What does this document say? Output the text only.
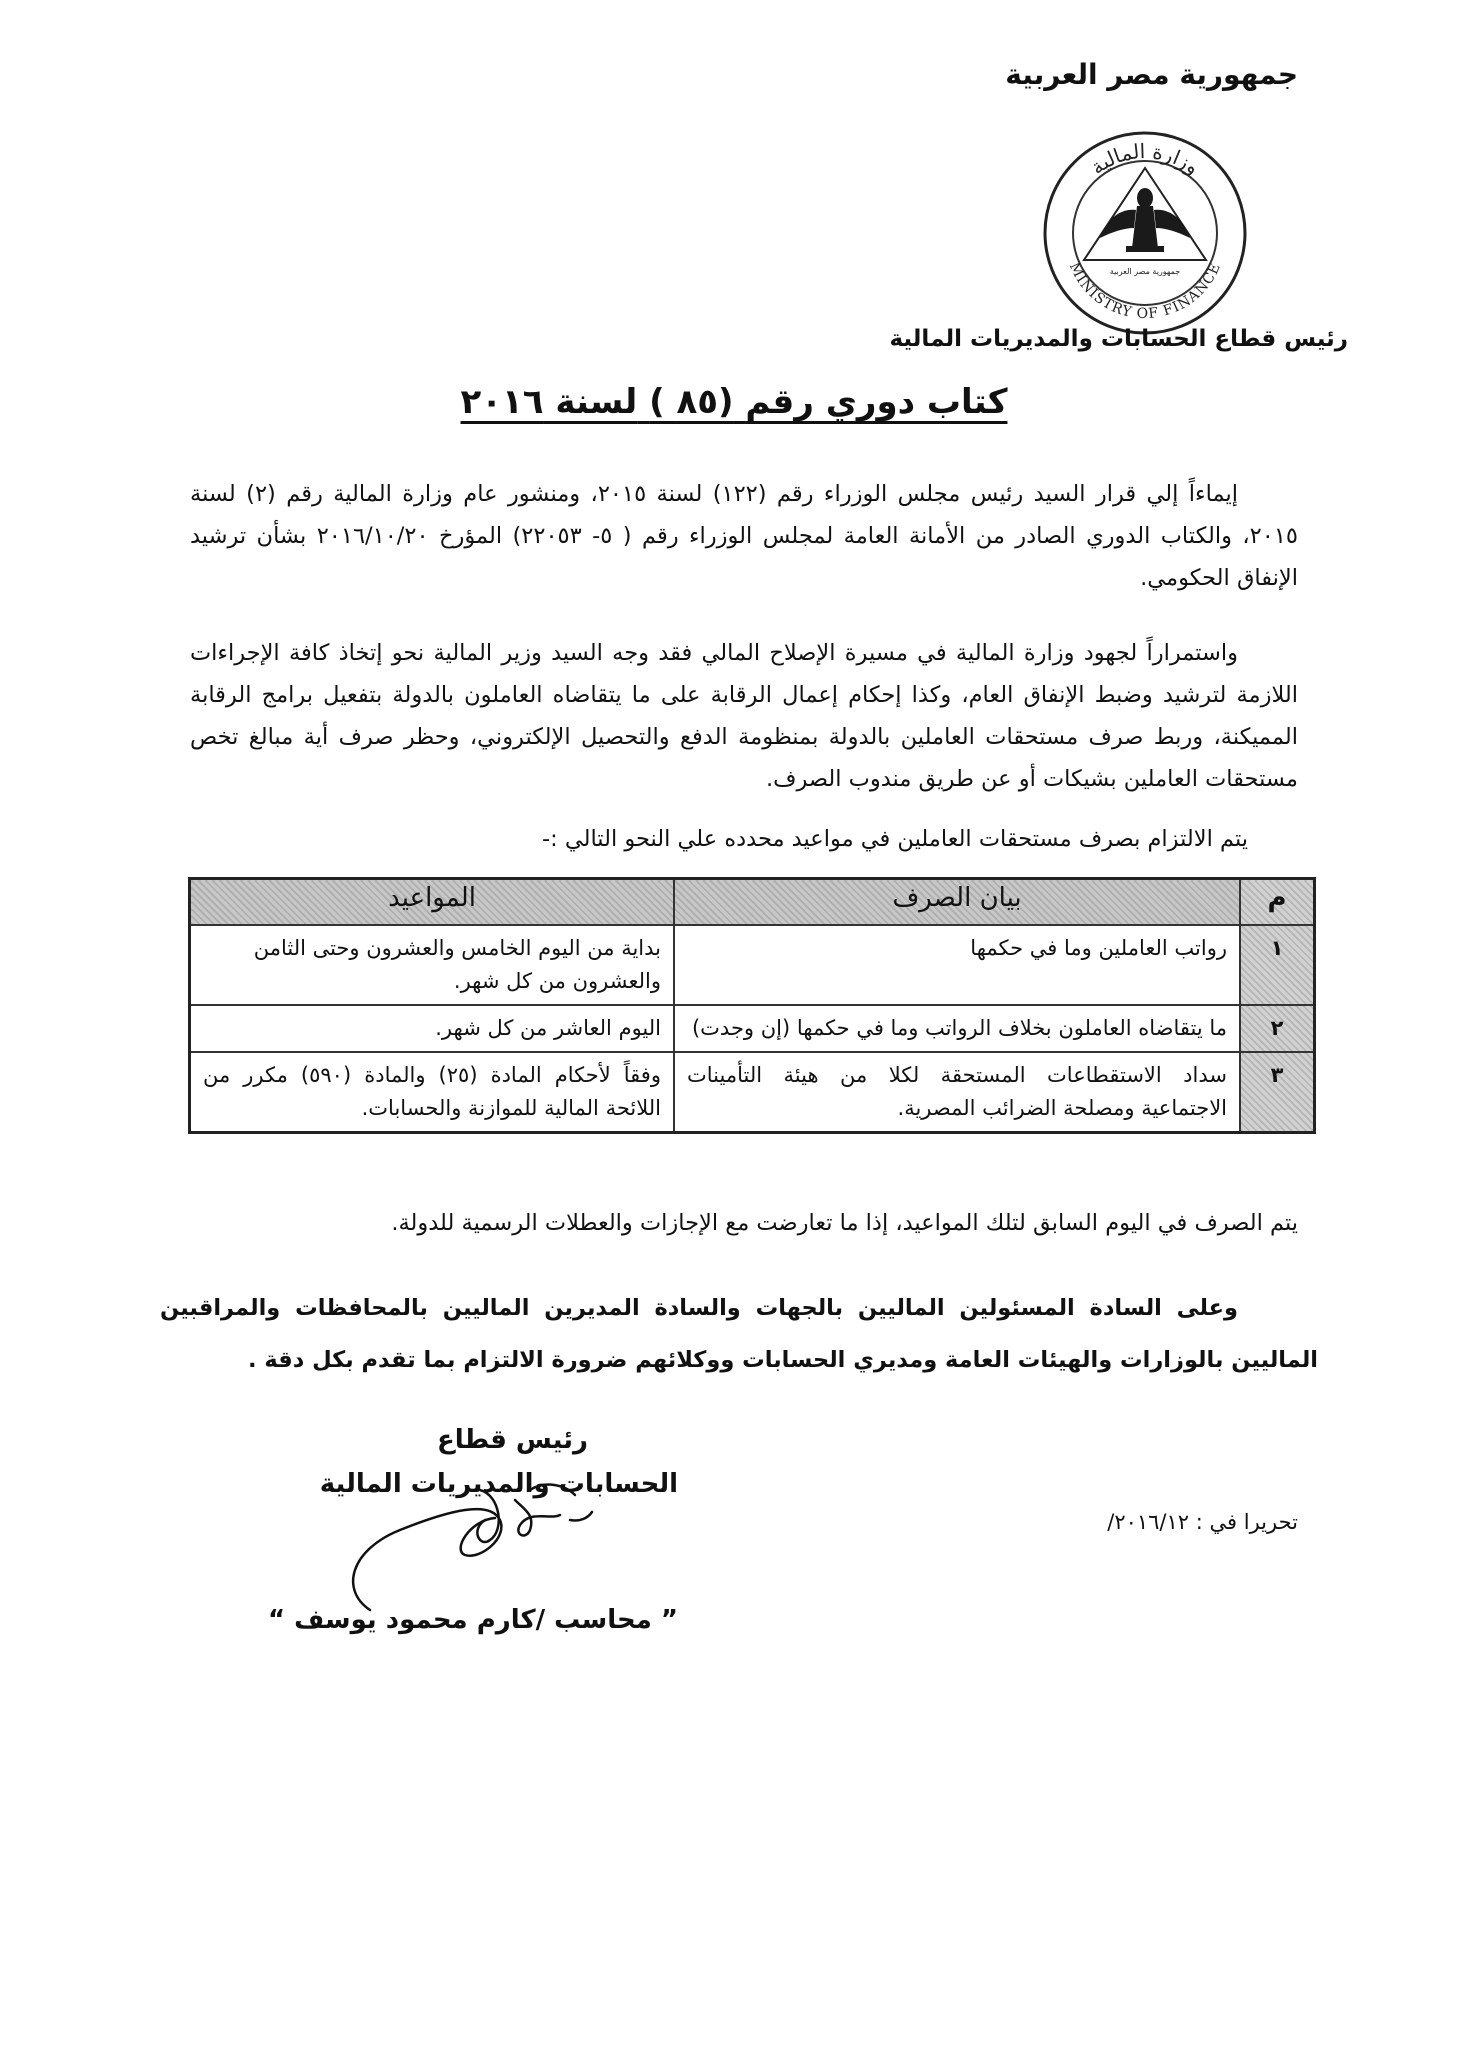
جمهورية مصر العربية
وزارة المالية
MINISTRY OF FINANCE
جمهورية مصر العربية
رئيس قطاع الحسابات والمديريات المالية
كتاب دوري رقم (٨٥ ) لسنة ٢٠١٦
إيماءاً إلي قرار السيد رئيس مجلس الوزراء رقم (١٢٢) لسنة ٢٠١٥، ومنشور عام وزارة المالية رقم (٢) لسنة ٢٠١٥، والكتاب الدوري الصادر من الأمانة العامة لمجلس الوزراء رقم ( ٥- ٢٢٠٥٣) المؤرخ ٢٠١٦/١٠/٢٠ بشأن ترشيد الإنفاق الحكومي.
واستمراراً لجهود وزارة المالية في مسيرة الإصلاح المالي فقد وجه السيد وزير المالية نحو إتخاذ كافة الإجراءات اللازمة لترشيد وضبط الإنفاق العام، وكذا إحكام إعمال الرقابة على ما يتقاضاه العاملون بالدولة بتفعيل برامج الرقابة المميكنة، وربط صرف مستحقات العاملين بالدولة بمنظومة الدفع والتحصيل الإلكتروني، وحظر صرف أية مبالغ تخص مستحقات العاملين بشيكات أو عن طريق مندوب الصرف.
يتم الالتزام بصرف مستحقات العاملين في مواعيد محدده علي النحو التالي :-
م	بيان الصرف	المواعيد
١	رواتب العاملين وما في حكمها	بداية من اليوم الخامس والعشرون وحتى الثامن والعشرون من كل شهر.
٢	ما يتقاضاه العاملون بخلاف الرواتب وما في حكمها (إن وجدت)	اليوم العاشر من كل شهر.
٣	سداد الاستقطاعات المستحقة لكلا من هيئة التأمينات الاجتماعية ومصلحة الضرائب المصرية.	وفقاً لأحكام المادة (٢٥) والمادة (٥٩٠) مكرر من اللائحة المالية للموازنة والحسابات.
يتم الصرف في اليوم السابق لتلك المواعيد، إذا ما تعارضت مع الإجازات والعطلات الرسمية للدولة.
وعلى السادة المسئولين الماليين بالجهات والسادة المديرين الماليين بالمحافظات والمراقبين الماليين بالوزارات والهيئات العامة ومديري الحسابات ووكلائهم ضرورة الالتزام بما تقدم بكل دقة .
رئيس قطاع
الحسابات والمديريات المالية
تحريرا في : /٢٠١٦/١٢
” محاسب /كارم محمود يوسف “
